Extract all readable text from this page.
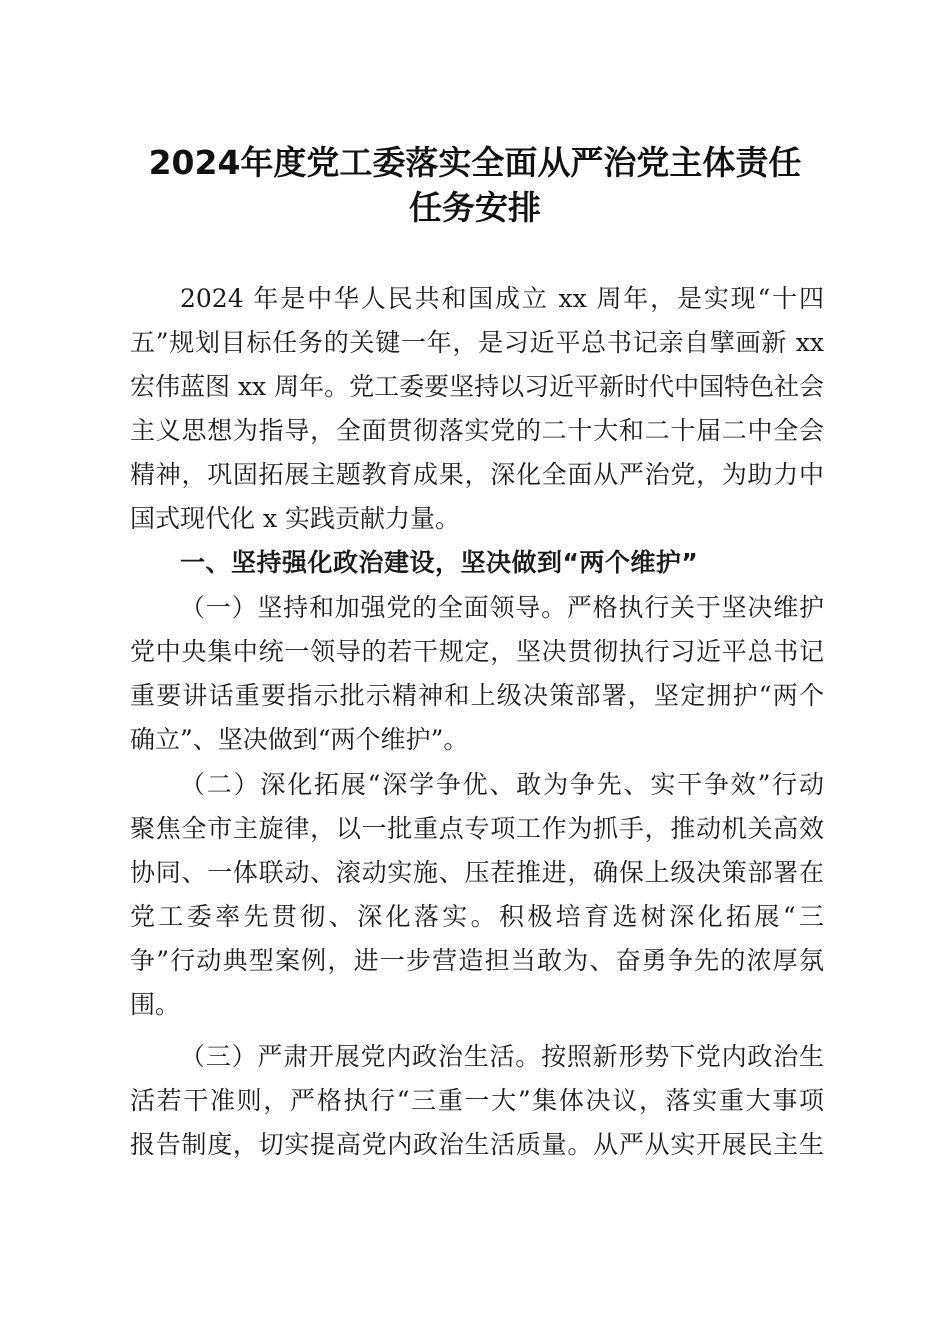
2024年度党工委落实全面从严治党主体责任
任务安排
2024 年是中华人民共和国成立 xx 周年，是实现“十四
五”规划目标任务的关键一年，是习近平总书记亲自擘画新 xx
宏伟蓝图 xx 周年。党工委要坚持以习近平新时代中国特色社会
主义思想为指导，全面贯彻落实党的二十大和二十届二中全会
精神，巩固拓展主题教育成果，深化全面从严治党，为助力中
国式现代化 x 实践贡献力量。
一、坚持强化政治建设，坚决做到“两个维护”
（一）坚持和加强党的全面领导。严格执行关于坚决维护
党中央集中统一领导的若干规定，坚决贯彻执行习近平总书记
重要讲话重要指示批示精神和上级决策部署，坚定拥护“两个
确立”、坚决做到“两个维护”。
（二）深化拓展“深学争优、敢为争先、实干争效”行动
聚焦全市主旋律，以一批重点专项工作为抓手，推动机关高效
协同、一体联动、滚动实施、压茬推进，确保上级决策部署在
党工委率先贯彻、深化落实。积极培育选树深化拓展“三
争”行动典型案例，进一步营造担当敢为、奋勇争先的浓厚氛
围。
（三）严肃开展党内政治生活。按照新形势下党内政治生
活若干准则，严格执行“三重一大”集体决议，落实重大事项
报告制度，切实提高党内政治生活质量。从严从实开展民主生
